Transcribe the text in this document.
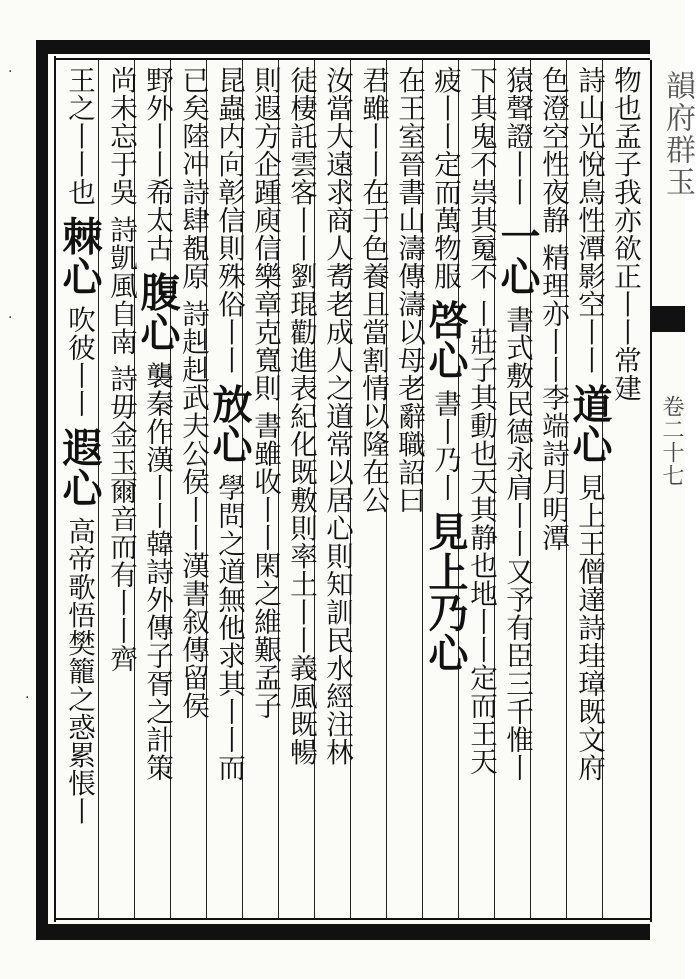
韻府群玉
卷二十七
物也孟子我亦欲正丨丨常建
詩山光悅鳥性潭影空丨丨 道心 見上王僧達詩珪璋既文府
色澄空性夜静 精理亦丨丨李端詩月明潭
猿聲證丨丨 一心 書式敷民德永肩丨丨又予有臣三千惟丨
下其鬼不祟其䰟不 丨莊子其動也天其静也地丨丨定而王天
疲丨丨定而萬物服 啓心 書丨乃丨 見上乃心
在王室晉書山濤傳濤以母老辭職詔曰
君雖丨丨在于色養且當割情以隆在公
汝當大遠求商人耉老成人之道常以居心則知訓民水經注林
徒棲託雲客丨丨劉琨勸進表紀化既敷則率土丨丨義風既暢
則遐方企踵庾信樂章克寬則 書雖收丨丨閑之維艱孟子
昆蟲内向彰信則殊俗丨丨 放心 學問之道無他求其丨丨而
已矣陸冲詩肆覩原 詩赳赳武夫公侯丨丨漢書叙傳留侯
野外丨丨希太古 腹心 襲秦作漢丨丨韓詩外傳子胥之計策
尚未忘于吳 詩凱風自南 詩毋金玉爾音而有丨丨齊
王之丨丨也 棘心 吹彼丨丨 遐心 高帝歌悟樊籠之惑累悵丨
·
·
·
